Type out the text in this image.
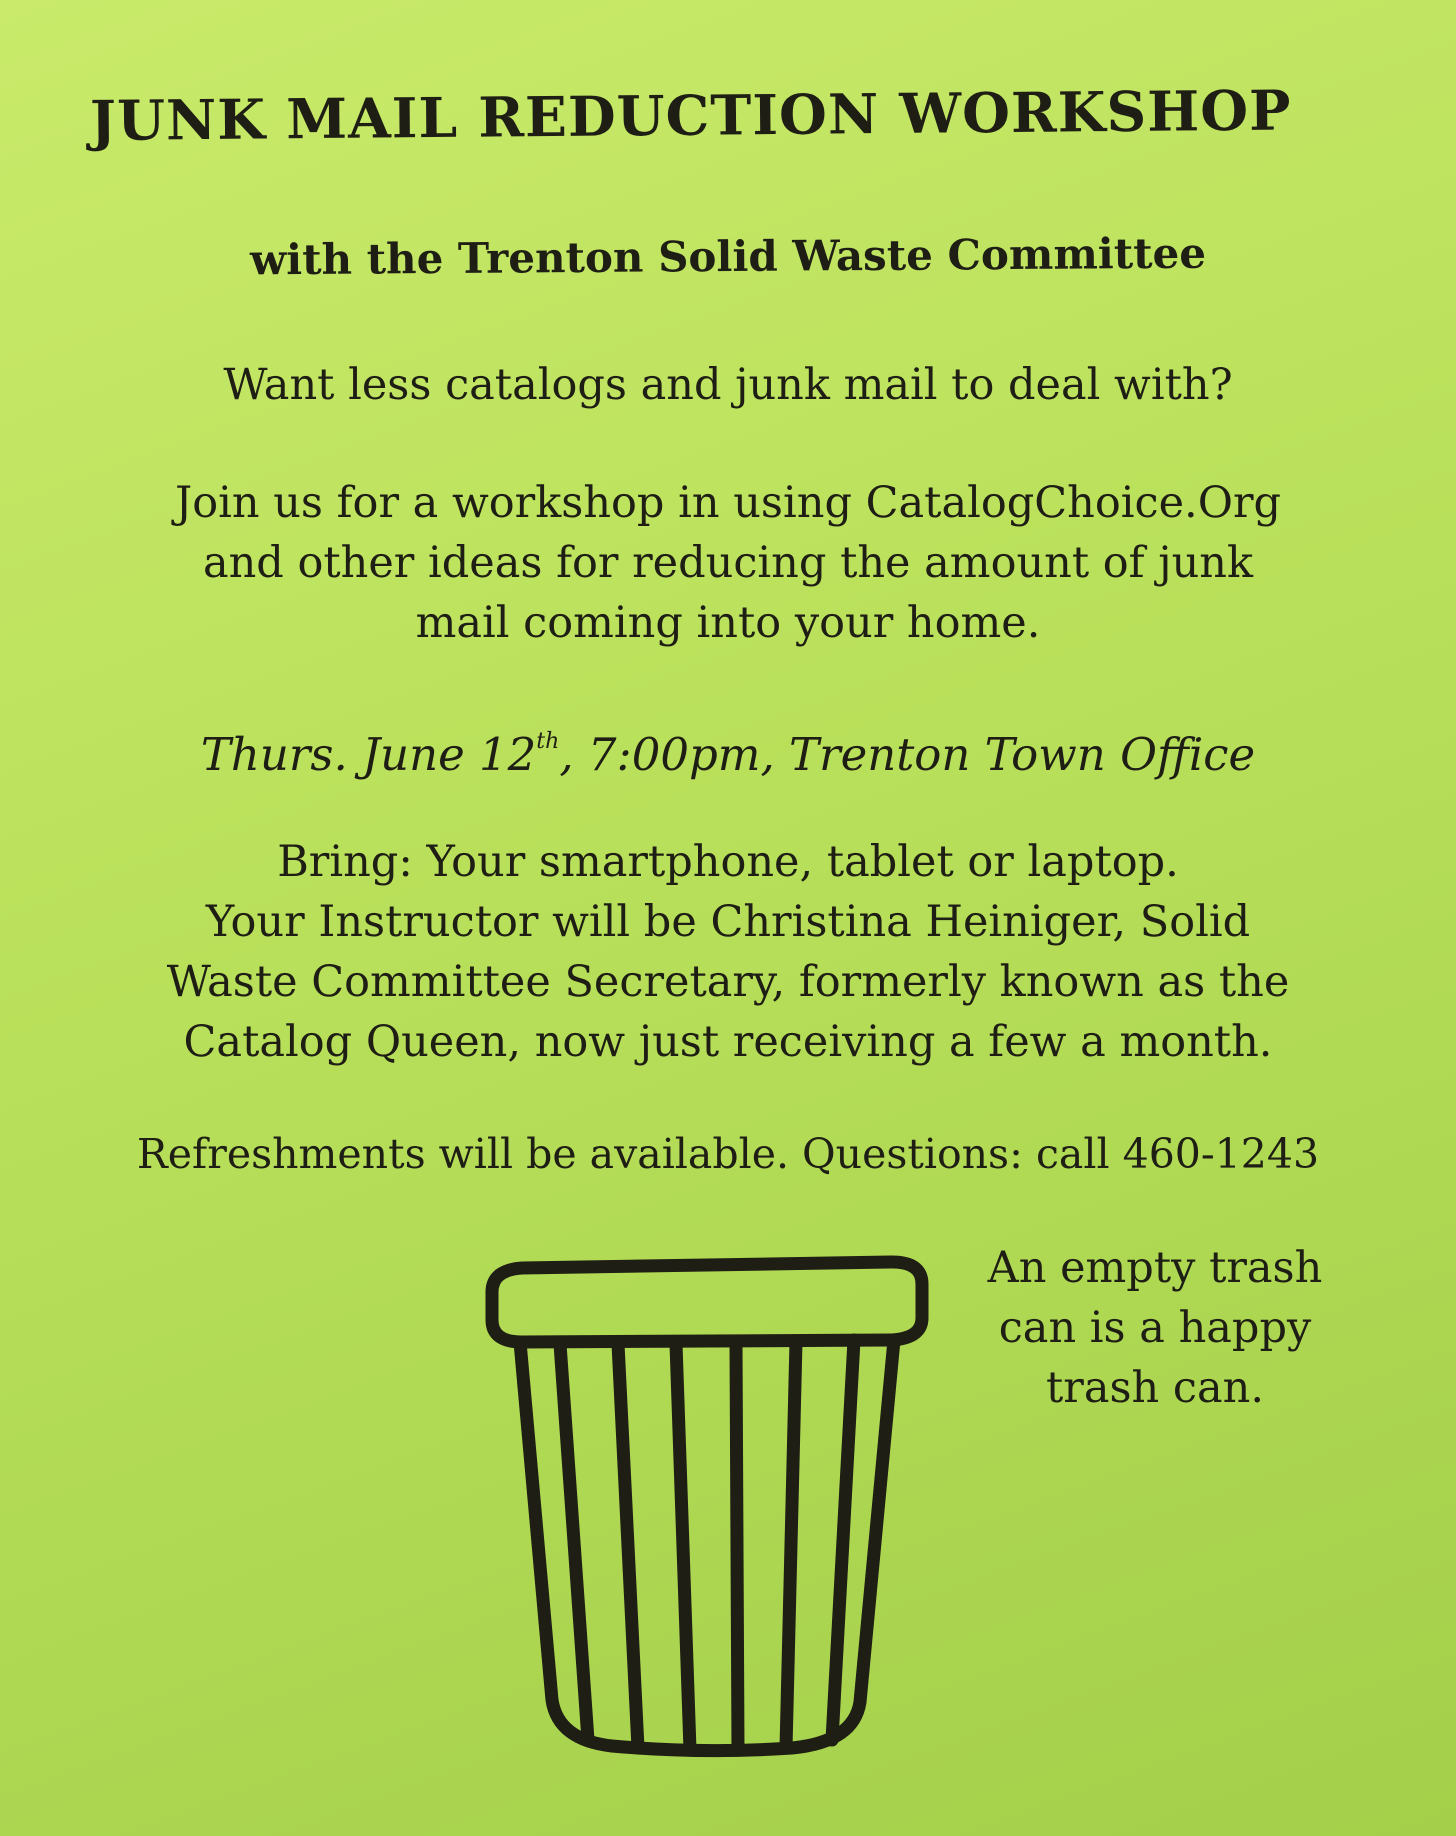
JUNK MAIL REDUCTION WORKSHOP
with the Trenton Solid Waste Committee

Want less catalogs and junk mail to deal with?

Join us for a workshop in using CatalogChoice.Org
and other ideas for reducing the amount of junk
mail coming into your home.

Thurs. June 12th, 7:00pm, Trenton Town Office

Bring: Your smartphone, tablet or laptop.
Your Instructor will be Christina Heiniger, Solid
Waste Committee Secretary, formerly known as the
Catalog Queen, now just receiving a few a month.

Refreshments will be available. Questions: call 460-1243

An empty trash
can is a happy
trash can.
